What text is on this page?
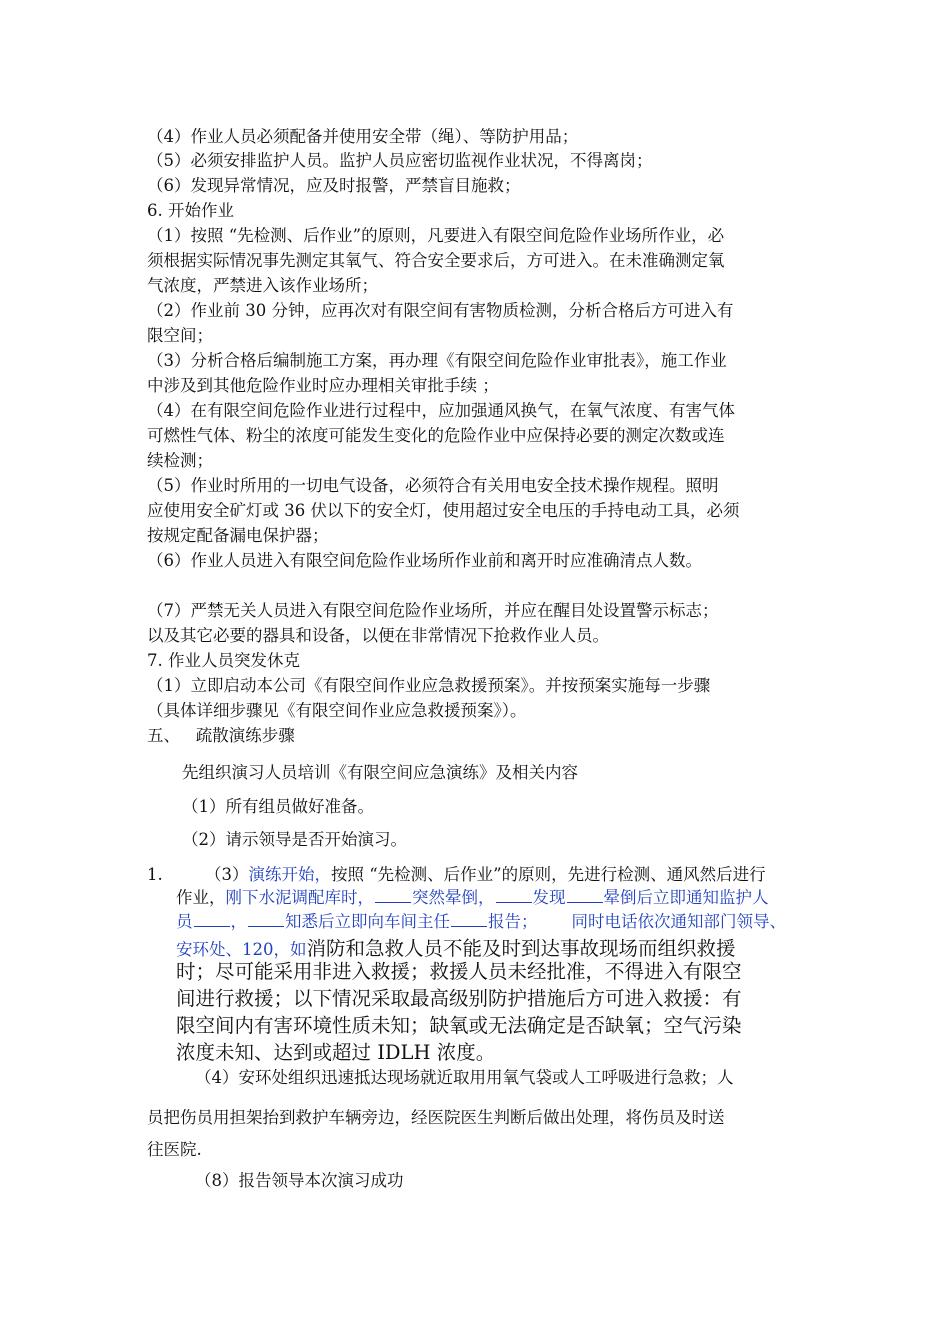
（4）作业人员必须配备并使用安全带（绳）、等防护用品；
（5）必须安排监护人员。监护人员应密切监视作业状况，不得离岗；
（6）发现异常情况，应及时报警，严禁盲目施救；
6. 开始作业
（1）按照 “先检测、后作业”的原则，凡要进入有限空间危险作业场所作业，必
须根据实际情况事先测定其氧气、符合安全要求后，方可进入。在未准确测定氧
气浓度，严禁进入该作业场所；
（2）作业前 30 分钟，应再次对有限空间有害物质检测，分析合格后方可进入有
限空间；
（3）分析合格后编制施工方案，再办理《有限空间危险作业审批表》，施工作业
中涉及到其他危险作业时应办理相关审批手续 ；
（4）在有限空间危险作业进行过程中，应加强通风换气，在氧气浓度、有害气体
可燃性气体、粉尘的浓度可能发生变化的危险作业中应保持必要的测定次数或连
续检测；
（5）作业时所用的一切电气设备，必须符合有关用电安全技术操作规程。照明
应使用安全矿灯或 36 伏以下的安全灯，使用超过安全电压的手持电动工具，必须
按规定配备漏电保护器；
（6）作业人员进入有限空间危险作业场所作业前和离开时应准确清点人数。
（7）严禁无关人员进入有限空间危险作业场所，并应在醒目处设置警示标志；
以及其它必要的器具和设备，以便在非常情况下抢救作业人员。
7. 作业人员突发休克
（1）立即启动本公司《有限空间作业应急救援预案》。并按预案实施每一步骤
（具体详细步骤见《有限空间作业应急救援预案》）。
五、   疏散演练步骤
先组织演习人员培训《有限空间应急演练》及相关内容
（1）所有组员做好准备。
（2）请示领导是否开始演习。
1.	（3）演练开始，按照 “先检测、后作业”的原则，先进行检测、通风然后进行
作业，刚下水泥调配库时， 突然晕倒， 发现 晕倒后立即通知监护人
员 ， 知悉后立即向车间主任 报告； 同时电话依次通知部门领导、
安环处、120，如消防和急救人员不能及时到达事故现场而组织救援
时；尽可能采用非进入救援；救援人员未经批准，不得进入有限空
间进行救援；以下情况采取最高级别防护措施后方可进入救援：有
限空间内有害环境性质未知；缺氧或无法确定是否缺氧；空气污染
浓度未知、达到或超过 IDLH 浓度。
（4）安环处组织迅速抵达现场就近取用用氧气袋或人工呼吸进行急救；人
员把伤员用担架抬到救护车辆旁边，经医院医生判断后做出处理，将伤员及时送
往医院.
（8）报告领导本次演习成功
